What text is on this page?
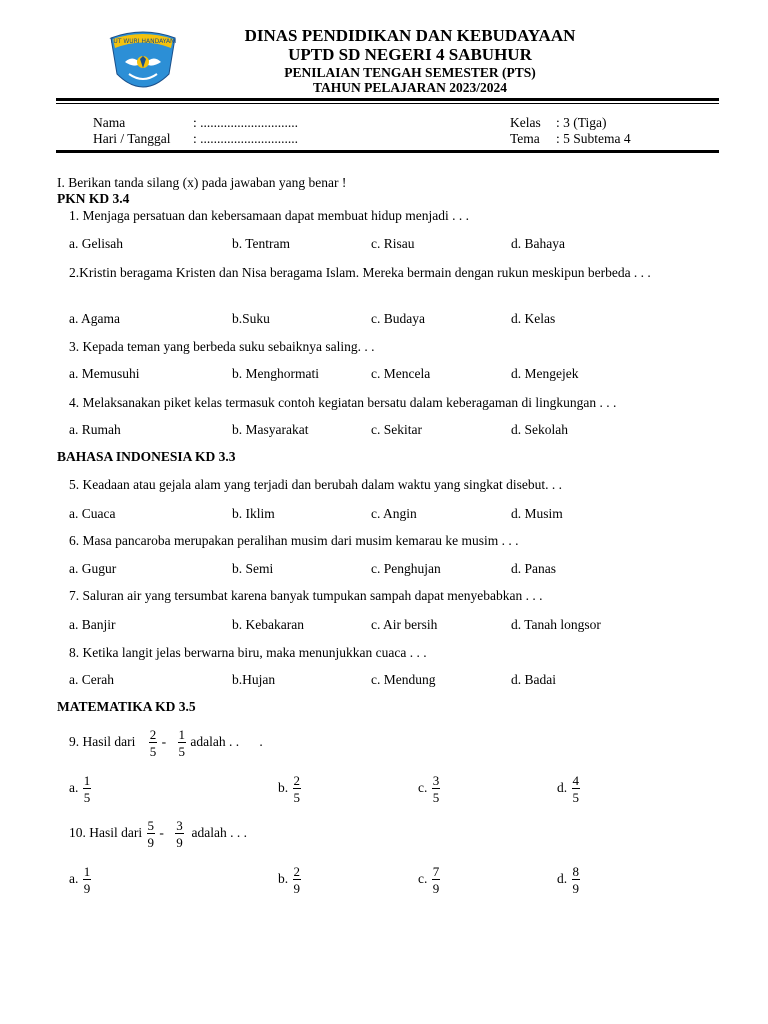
TUT WURI HANDAYANI	DINAS PENDIDIKAN DAN KEBUDAYAAN
UPTD SD NEGERI 4 SABUHUR
PENILAIAN TENGAH SEMESTER (PTS)
TAHUN PELAJARAN 2023/2024
Nama	: .............................
Hari / Tanggal : .............................
Kelas : 3 (Tiga)
Tema : 5 Subtema 4
I. Berikan tanda silang (x) pada jawaban yang benar !
PKN KD 3.4
1. Menjaga persatuan dan kebersamaan dapat membuat hidup menjadi . . .
a. Gelisah	b. Tentram	c. Risau	d. Bahaya
2.Kristin beragama Kristen dan Nisa beragama Islam. Mereka bermain dengan rukun meskipun berbeda . . .
a. Agama	b.Suku	c. Budaya	d. Kelas
3. Kepada teman yang berbeda suku sebaiknya saling. . .
a. Memusuhi	b. Menghormati	c. Mencela	d. Mengejek
4. Melaksanakan piket kelas termasuk contoh kegiatan bersatu dalam keberagaman di lingkungan . . .
a. Rumah	b. Masyarakat	c. Sekitar	d. Sekolah
BAHASA INDONESIA KD 3.3
5. Keadaan atau gejala alam yang terjadi dan berubah dalam waktu yang singkat disebut. . .
a. Cuaca	b. Iklim	c. Angin	d. Musim
6. Masa pancaroba merupakan peralihan musim dari musim kemarau ke musim . . .
a. Gugur	b. Semi	c. Penghujan	d. Panas
7. Saluran air yang tersumbat karena banyak tumpukan sampah dapat menyebabkan . . .
a. Banjir	b. Kebakaran	c. Air bersih	d. Tanah longsor
8. Ketika langit jelas berwarna biru, maka menunjukkan cuaca . . .
a. Cerah	b.Hujan	c. Mendung	d. Badai
MATEMATIKA KD 3.5
9. Hasil dari $\frac{2}{5} - \frac{1}{5}$ adalah . .      .
a. $\frac{1}{5}$	b. $\frac{2}{5}$	c. $\frac{3}{5}$	d. $\frac{4}{5}$
10. Hasil dari $\frac{5}{9} - \frac{3}{9}$ adalah . . .
a. $\frac{1}{9}$	b. $\frac{2}{9}$	c. $\frac{7}{9}$	d. $\frac{8}{9}$
